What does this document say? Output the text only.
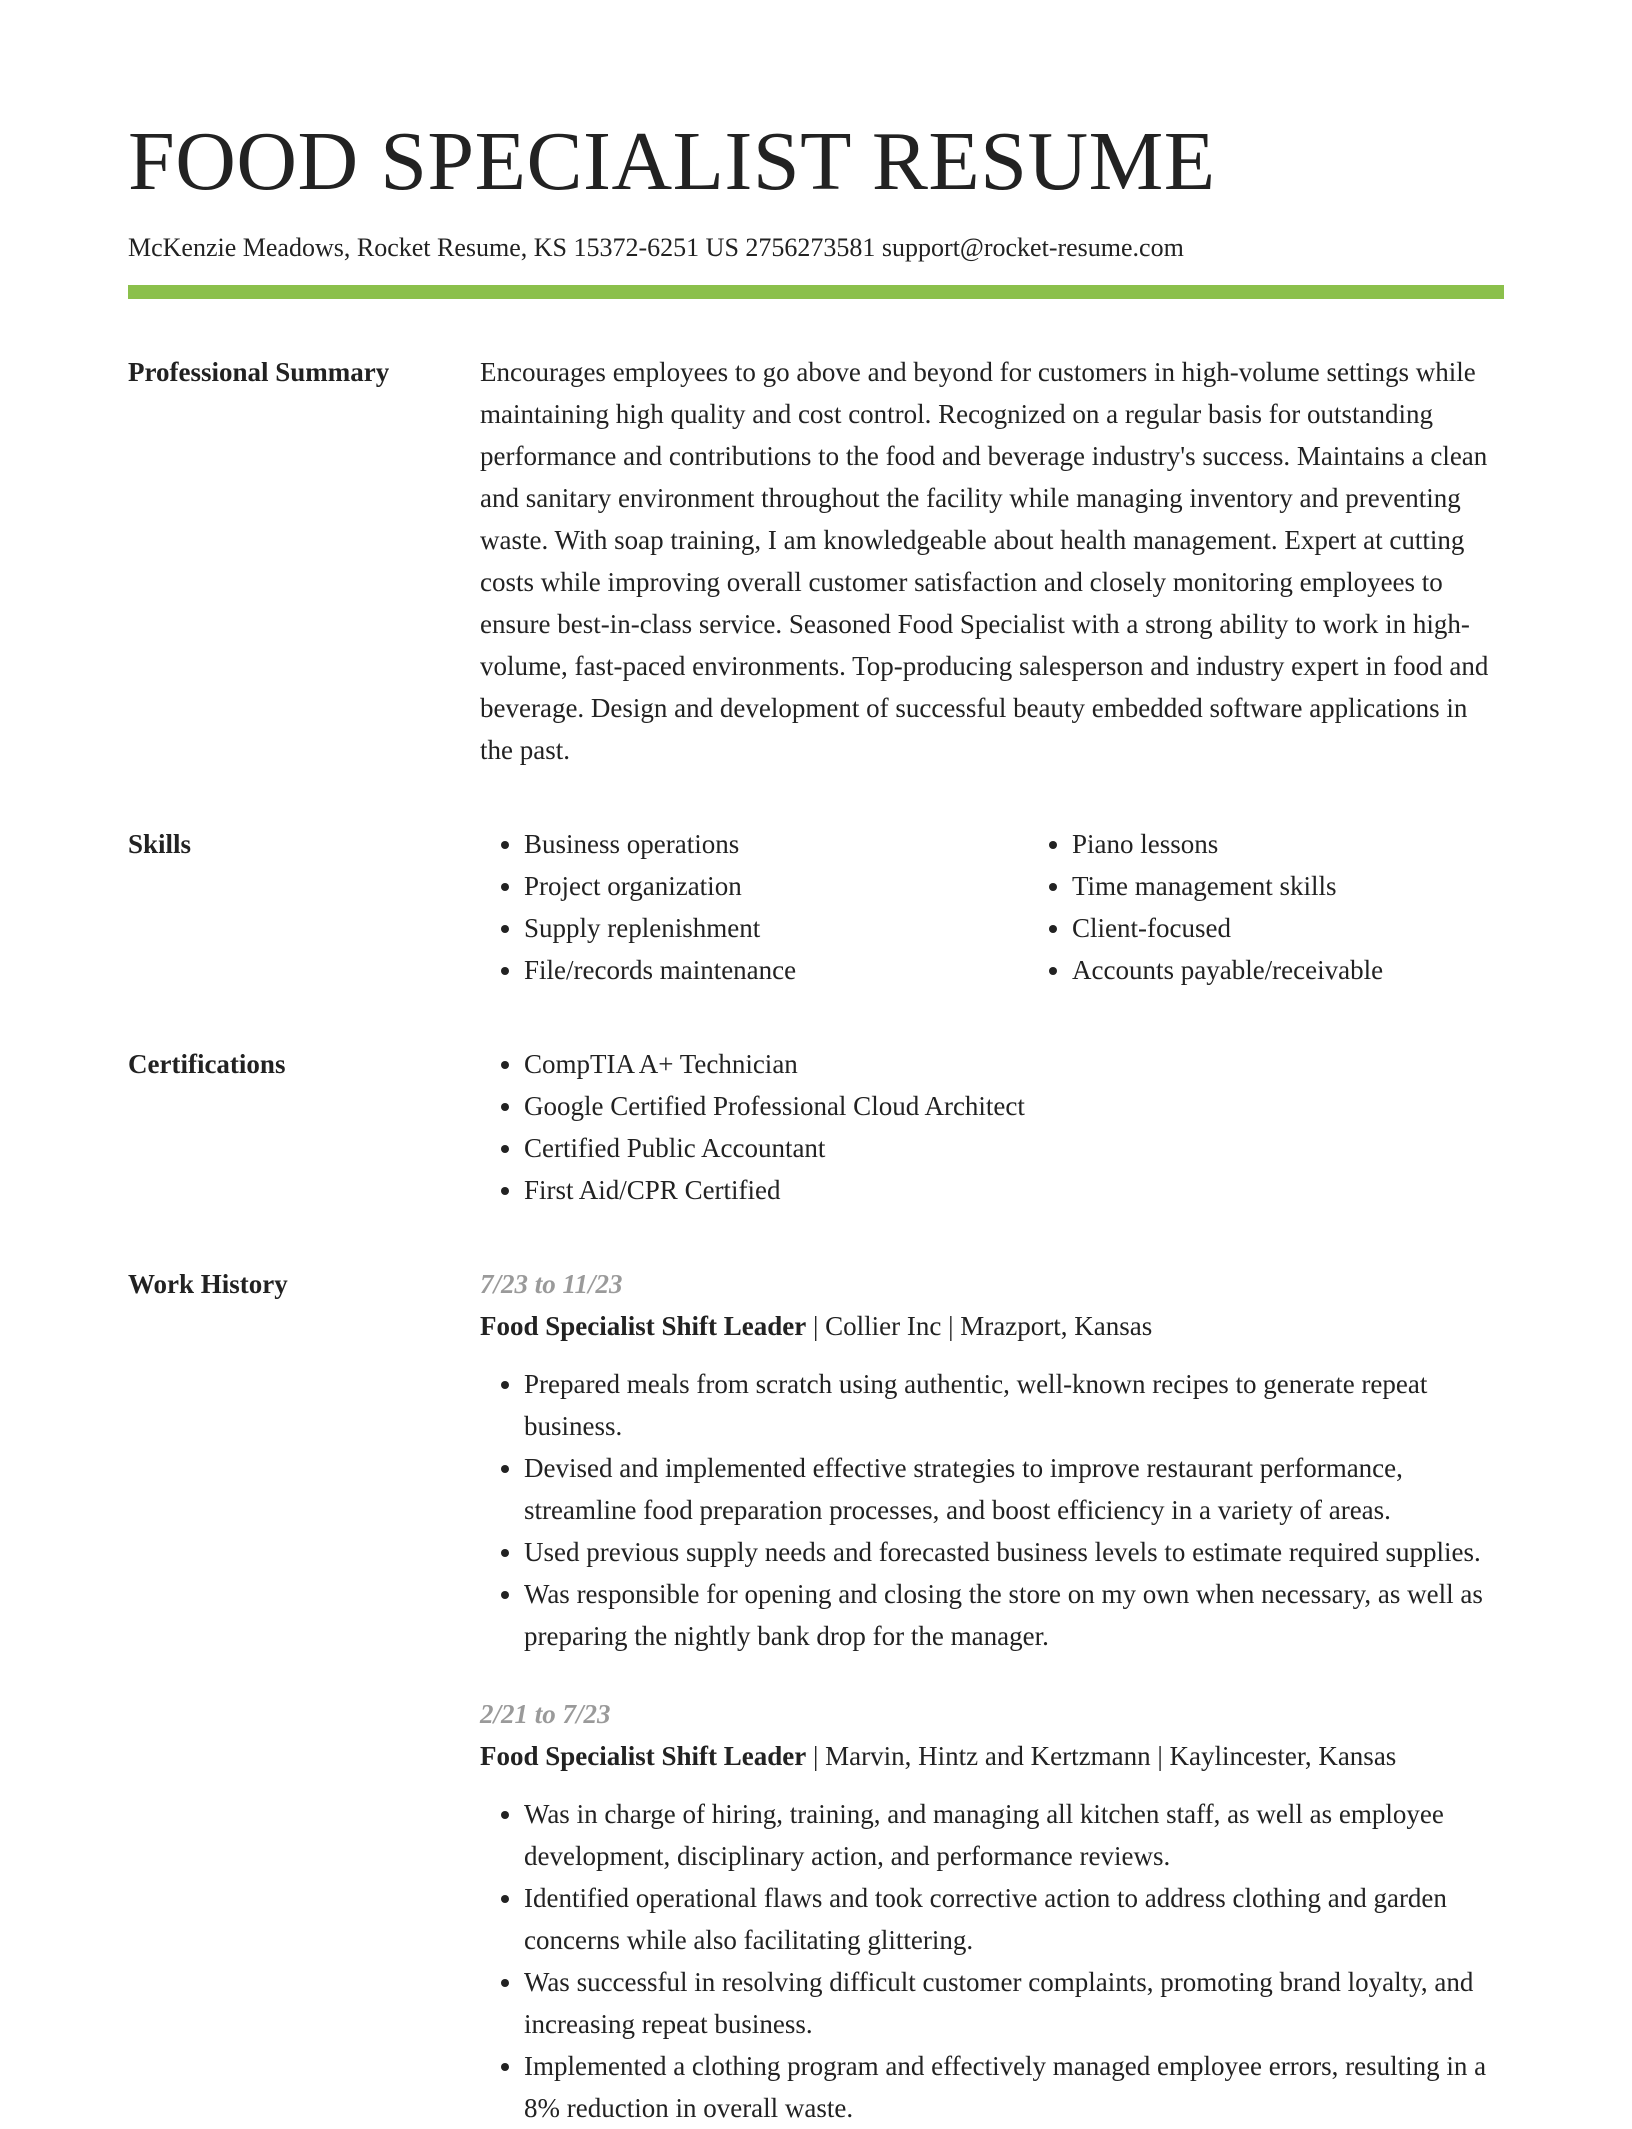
FOOD SPECIALIST RESUME
McKenzie Meadows, Rocket Resume, KS 15372-6251 US 2756273581 support@rocket-resume.com
Professional Summary	Encourages employees to go above and beyond for customers in high-volume settings while maintaining high quality and cost control. Recognized on a regular basis for outstanding performance and contributions to the food and beverage industry's success. Maintains a clean and sanitary environment throughout the facility while managing inventory and preventing waste. With soap training, I am knowledgeable about health management. Expert at cutting costs while improving overall customer satisfaction and closely monitoring employees to ensure best-in-class service. Seasoned Food Specialist with a strong ability to work in high-volume, fast-paced environments. Top-producing salesperson and industry expert in food and beverage. Design and development of successful beauty embedded software applications in the past.

Skills	• Business operations
• Project organization
• Supply replenishment
• File/records maintenance
• Piano lessons
• Time management skills
• Client-focused
• Accounts payable/receivable
Certifications	• CompTIA A+ Technician
• Google Certified Professional Cloud Architect
• Certified Public Accountant
• First Aid/CPR Certified
Work History	7/23 to 11/23
Food Specialist Shift Leader | Collier Inc | Mrazport, Kansas
• Prepared meals from scratch using authentic, well-known recipes to generate repeat business.
• Devised and implemented effective strategies to improve restaurant performance, streamline food preparation processes, and boost efficiency in a variety of areas.
• Used previous supply needs and forecasted business levels to estimate required supplies.
• Was responsible for opening and closing the store on my own when necessary, as well as preparing the nightly bank drop for the manager.
2/21 to 7/23
Food Specialist Shift Leader | Marvin, Hintz and Kertzmann | Kaylincester, Kansas
• Was in charge of hiring, training, and managing all kitchen staff, as well as employee development, disciplinary action, and performance reviews.
• Identified operational flaws and took corrective action to address clothing and garden concerns while also facilitating glittering.
• Was successful in resolving difficult customer complaints, promoting brand loyalty, and increasing repeat business.
• Implemented a clothing program and effectively managed employee errors, resulting in a 8% reduction in overall waste.
